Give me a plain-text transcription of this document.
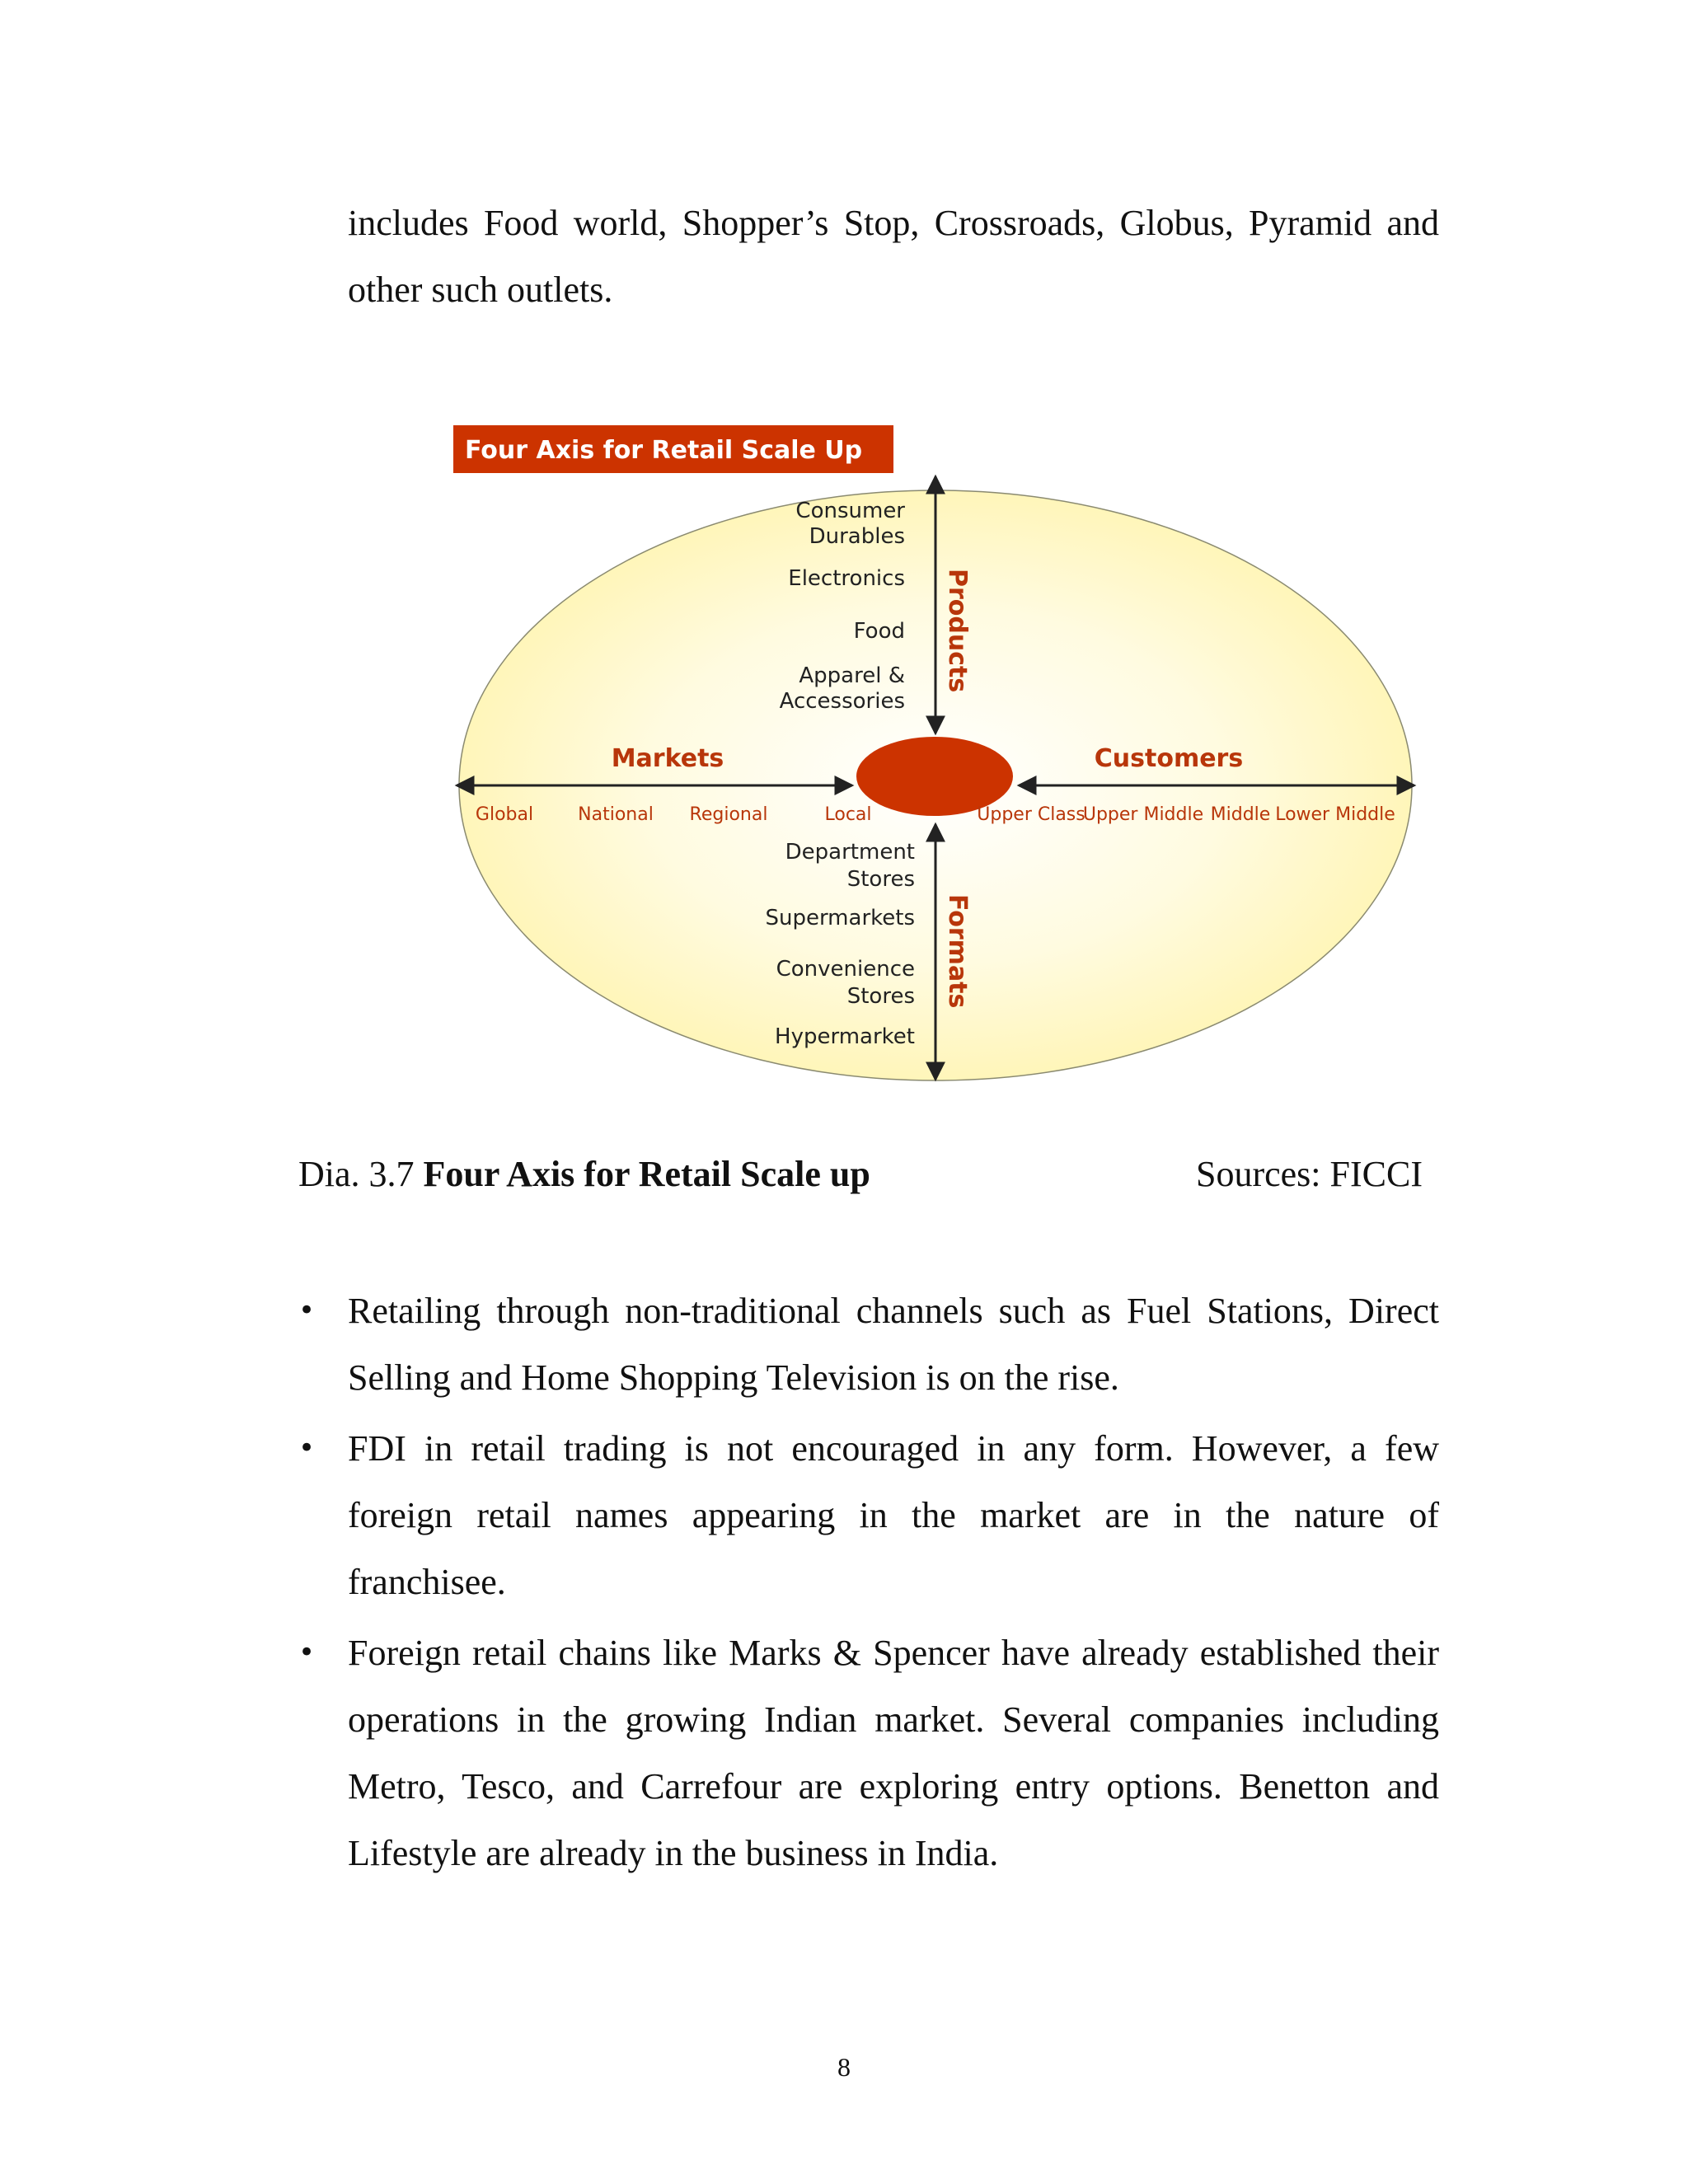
includes Food world, Shopper’s Stop, Crossroads, Globus, Pyramid and other such outlets.

Four Axis for Retail Scale Up
Products
Formats
Markets	Customers
Consumer Durables
Electronics
Food
Apparel & Accessories
Department Stores
Supermarkets
Convenience Stores
Hypermarket
Global National Regional	Local	Upper Class
Upper Middle Middle Lower Middle
Dia. 3.7 Four Axis for Retail Scale up	Sources: FICCI
• Retailing through non-traditional channels such as Fuel Stations, Direct Selling and Home Shopping Television is on the rise.
• FDI in retail trading is not encouraged in any form. However, a few foreign retail names appearing in the market are in the nature of franchisee.
• Foreign retail chains like Marks & Spencer have already established their operations in the growing Indian market. Several companies including Metro, Tesco, and Carrefour are exploring entry options. Benetton and Lifestyle are already in the business in India.
8
